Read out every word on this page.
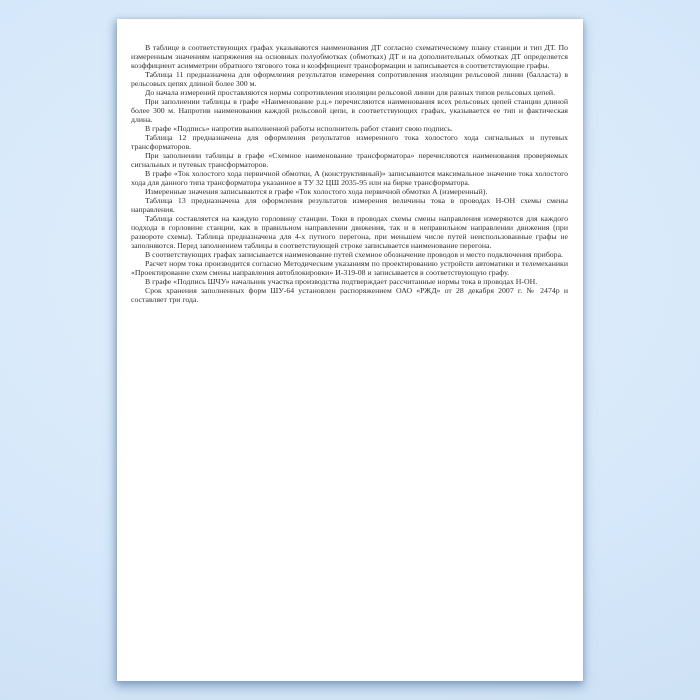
В таблице в соответствующих графах указываются наименования ДТ согласно схематическому плану станции и тип ДТ. По измеренным значениям напряжения на основных полуобмотках (обмотках) ДТ и на дополнительных обмотках ДТ определяется коэффициент асимметрии обратного тягового тока и коэффициент трансформации и записывается в соответствующие графы.

Таблица 11 предназначена для оформления результатов измерения сопротивления изоляции рельсовой линии (балласта) в рельсовых цепях длиной более 300 м.

До начала измерений проставляются нормы сопротивления изоляции рельсовой линии для разных типов рельсовых цепей.

При заполнении таблицы в графе «Наименование р.ц.» перечисляются наименования всех рельсовых цепей станции длиной более 300 м. Напротив наименования каждой рельсовой цепи, в соответствующих графах, указывается ее тип и фактическая длина.

В графе «Подпись» напротив выполненной работы исполнитель работ ставит свою подпись.

Таблица 12 предназначена для оформления результатов измеренного тока холостого хода сигнальных и путевых трансформаторов.

При заполнении таблицы в графе «Схемное наименование трансформатора» перечисляются наименования проверяемых сигнальных и путевых трансформаторов.

В графе «Ток холостого хода первичной обмотки, А (конструктивный)» записываются максимальное значение тока холостого хода для данного типа трансформатора указанное в ТУ 32 ЦШ 2035-95 или на бирке трансформатора.

Измеренные значения записываются в графе «Ток холостого хода первичной обмотки А (измеренный).

Таблица 13 предназначена для оформления результатов измерения величины тока в проводах Н-ОН схемы смены направления.

Таблица составляется на каждую горловину станции. Токи в проводах схемы смены направления измеряются для каждого подхода в горловине станции, как в правильном направлении движения, так и в неправильном направлении движения (при развороте схемы). Таблица предназначена для 4-х путного перегона, при меньшем числе путей неиспользованные графы не заполняются. Перед заполнением таблицы в соответствующей строке записывается наименование перегона.

В соответствующих графах записывается наименование путей схемное обозначение проводов и место подключения прибора.

Расчет норм тока производится согласно Методическим указаниям по проектированию устройств автоматики и телемеханики «Проектирование схем смены направления автоблокировки» И-319-08 и записывается в соответствующую графу.

В графе «Подпись ШЧУ» начальник участка производства подтверждает рассчитанные нормы тока в проводах Н-ОН.

Срок хранения заполненных форм ШУ-64 установлен распоряжением ОАО «РЖД» от 28 декабря 2007 г. № 2474р и составляет три года.
